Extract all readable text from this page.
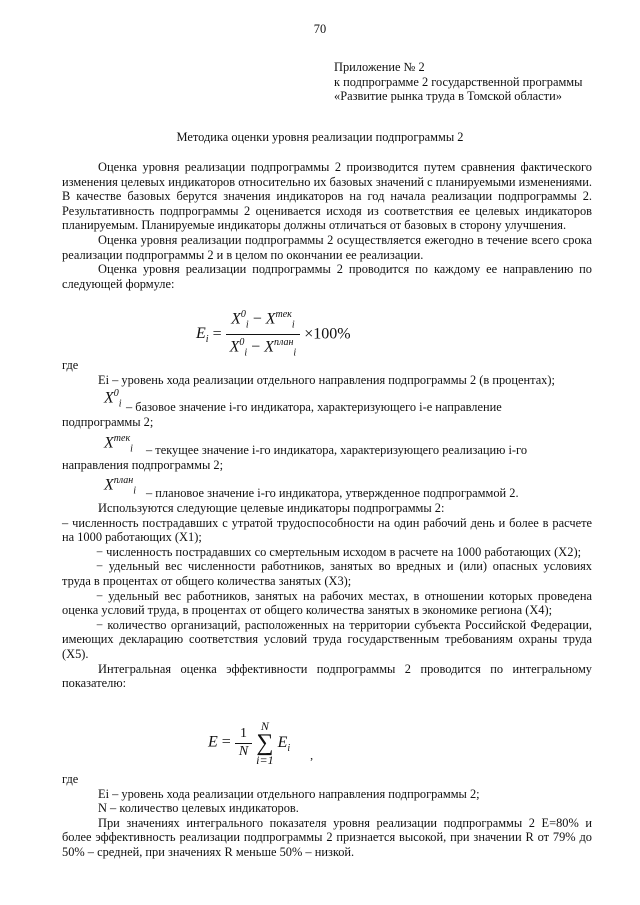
70
Приложение № 2
к подпрограмме 2 государственной программы
«Развитие рынка труда в Томской области»
Методика оценки уровня реализации подпрограммы 2

Оценка уровня реализации подпрограммы 2 производится путем сравнения фактического изменения целевых индикаторов относительно их базовых значений с планируемыми изменениями. В качестве базовых берутся значения индикаторов на год начала реализации подпрограммы 2. Результативность подпрограммы 2 оценивается исходя из соответствия ее целевых индикаторов планируемым. Планируемые индикаторы должны отличаться от базовых в сторону улучшения.

Оценка уровня реализации подпрограммы 2 осуществляется ежегодно в течение всего срока реализации подпрограммы 2 и в целом по окончании ее реализации.

Оценка уровня реализации подпрограммы 2 проводится по каждому ее направлению по следующей формуле:

$E_i = \frac{X^0_i - X^{тек}_i}{X^0_i - X^{план}_i} \times 100\%$

где

Ei – уровень хода реализации отдельного направления подпрограммы 2 (в процентах);

$X^0_i$ – базовое значение i-го индикатора, характеризующего i-е направление

подпрограммы 2;

$X^{тек}_i$	– текущее значение i-го индикатора, характеризующего реализацию i-го

направления подпрограммы 2;

$X^{план}_i$ – плановое значение i-го индикатора, утвержденное подпрограммой 2.

Используются следующие целевые индикаторы подпрограммы 2:

– численность пострадавших с утратой трудоспособности на один рабочий день и более в расчете на 1000 работающих (Х1);

− численность пострадавших со смертельным исходом в расчете на 1000 работающих (Х2);

− удельный вес численности работников, занятых во вредных и (или) опасных условиях труда в процентах от общего количества занятых (Х3);

− удельный вес работников, занятых на рабочих местах, в отношении которых проведена оценка условий труда, в процентах от общего количества занятых в экономике региона (Х4);

− количество организаций, расположенных на территории субъекта Российской Федерации, имеющих декларацию соответствия условий труда государственным требованиям охраны труда (Х5).

Интегральная оценка эффективности подпрограммы 2 проводится по интегральному показателю:

$E = \frac{1}{N}$
N
∑
i=1 $E_i$ $_,$

где

Ei – уровень хода реализации отдельного направления подпрограммы 2;

N – количество целевых индикаторов.

При значениях интегрального показателя уровня реализации подпрограммы 2 Е=80% и более эффективность реализации подпрограммы 2 признается высокой, при значении R от 79% до 50% – средней, при значениях R меньше 50% – низкой.
